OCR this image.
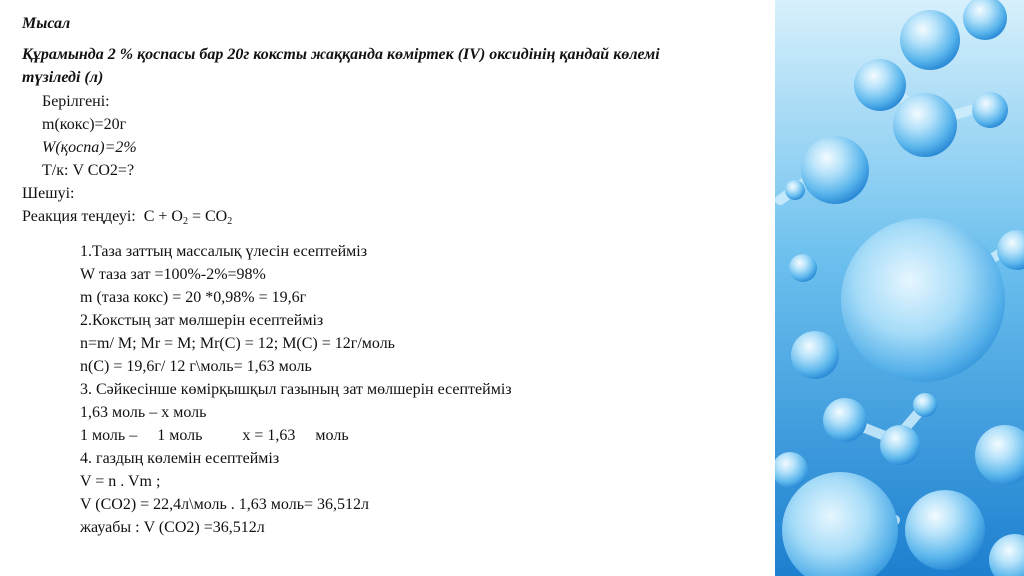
Мысал
Құрамында 2 % қоспасы бар 20г коксты жаққанда көміртек (IV) оксидінің қандай көлемі
түзіледі (л)
Берілгені:
m(кокс)=20г
W(қоспа)=2%
Т/к: V CO2=?
Шешуі:
Реакция теңдеуі: $C + O_2 = CO_2$
1.Таза заттың массалық үлесін есептейміз
W таза зат =100%-2%=98%
m (таза кокс) = 20 *0,98% = 19,6г
2.Кокстың зат мөлшерін есептейміз
n=m/ M; Mr = M; Mr(C) = 12; M(C) = 12г/моль
n(C) = 19,6г/ 12 г\моль= 1,63 моль
3. Сәйкесінше көмірқышқыл газының зат мөлшерін есептейміз
1,63 моль – x моль
1 моль –     1 моль          x = 1,63     моль
4. газдың көлемін есептейміз
V = n . Vm ;
V (CO2) = 22,4л\моль . 1,63 моль= 36,512л
жауабы : V (CO2) =36,512л
